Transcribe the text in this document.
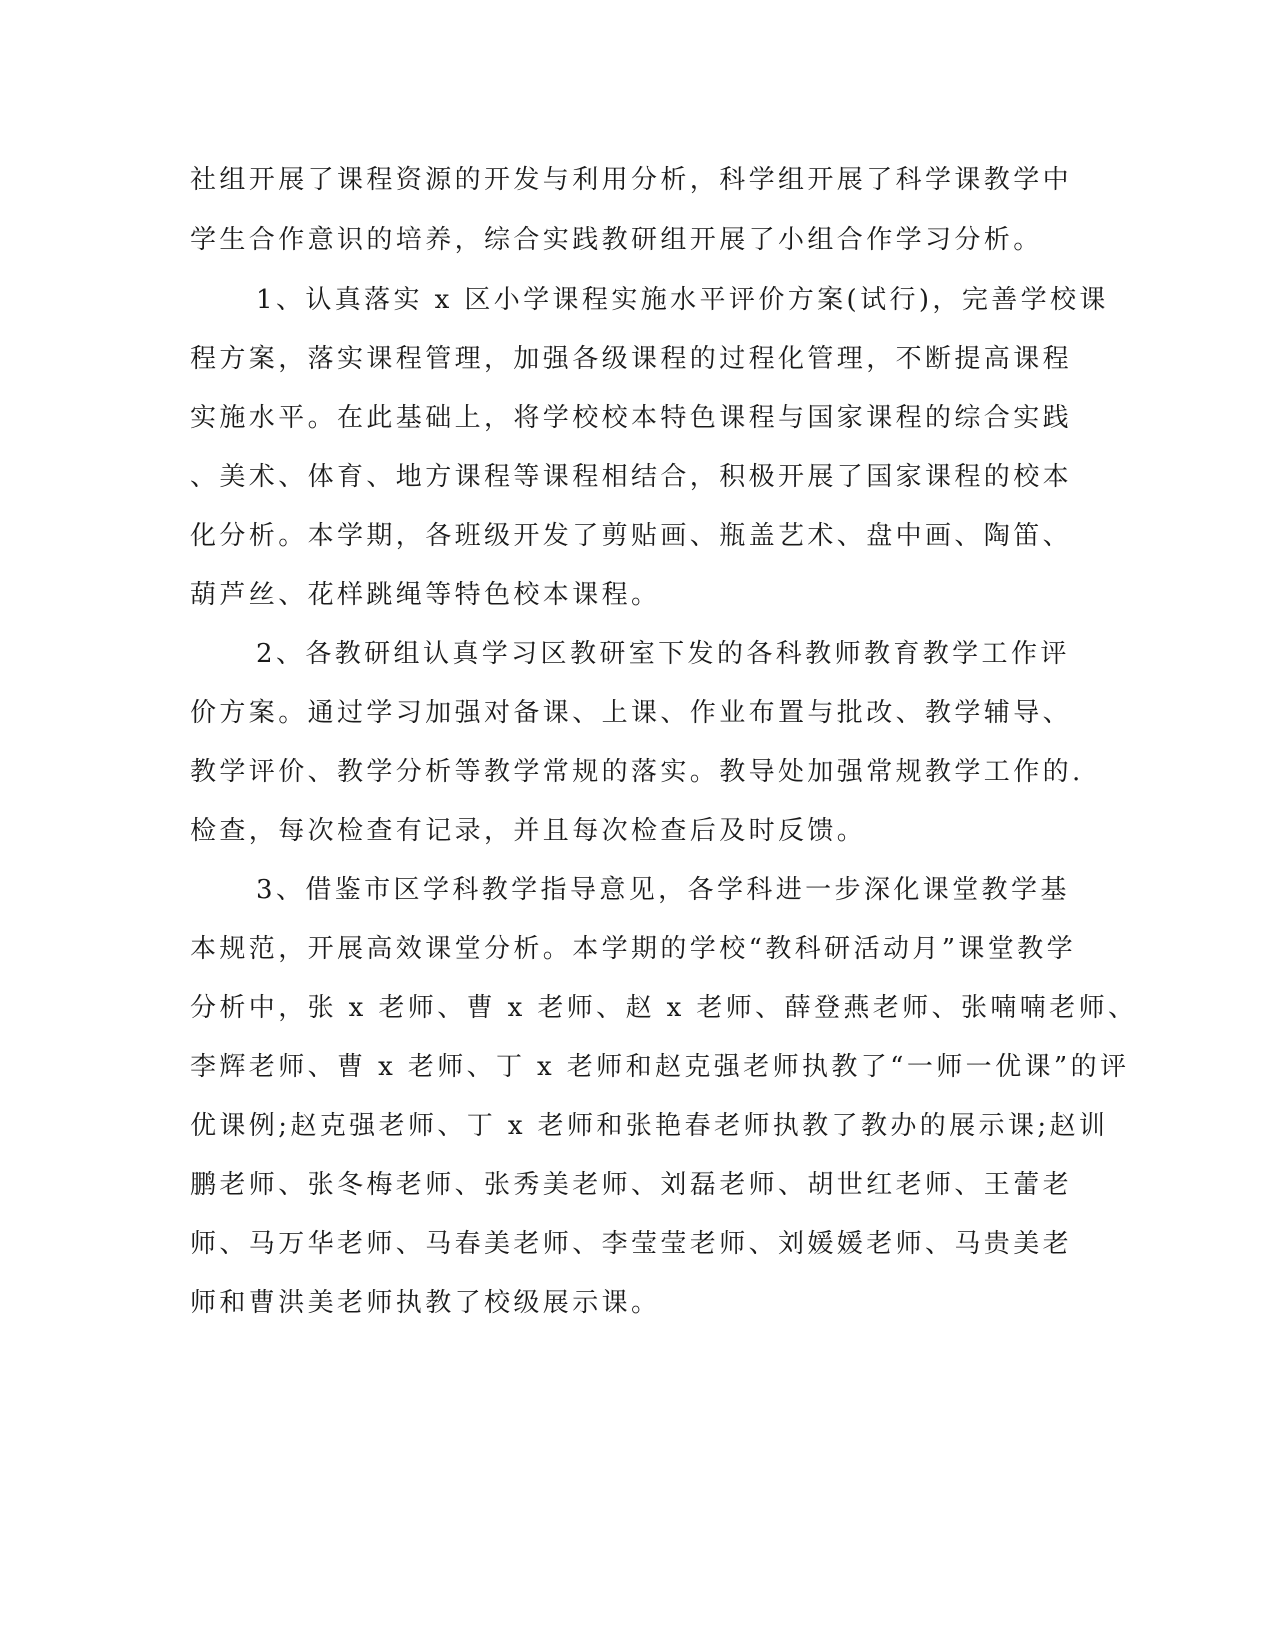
社组开展了课程资源的开发与利用分析，科学组开展了科学课教学中
学生合作意识的培养，综合实践教研组开展了小组合作学习分析。
1、认真落实 x 区小学课程实施水平评价方案(试行)，完善学校课
程方案，落实课程管理，加强各级课程的过程化管理，不断提高课程
实施水平。在此基础上，将学校校本特色课程与国家课程的综合实践
、美术、体育、地方课程等课程相结合，积极开展了国家课程的校本
化分析。本学期，各班级开发了剪贴画、瓶盖艺术、盘中画、陶笛、
葫芦丝、花样跳绳等特色校本课程。
2、各教研组认真学习区教研室下发的各科教师教育教学工作评
价方案。通过学习加强对备课、上课、作业布置与批改、教学辅导、
教学评价、教学分析等教学常规的落实。教导处加强常规教学工作的.
检查，每次检查有记录，并且每次检查后及时反馈。
3、借鉴市区学科教学指导意见，各学科进一步深化课堂教学基
本规范，开展高效课堂分析。本学期的学校“教科研活动月”课堂教学
分析中，张 x 老师、曹 x 老师、赵 x 老师、薛登燕老师、张喃喃老师、
李辉老师、曹 x 老师、丁 x 老师和赵克强老师执教了“一师一优课”的评
优课例;赵克强老师、丁 x 老师和张艳春老师执教了教办的展示课;赵训
鹏老师、张冬梅老师、张秀美老师、刘磊老师、胡世红老师、王蕾老
师、马万华老师、马春美老师、李莹莹老师、刘媛媛老师、马贵美老
师和曹洪美老师执教了校级展示课。
